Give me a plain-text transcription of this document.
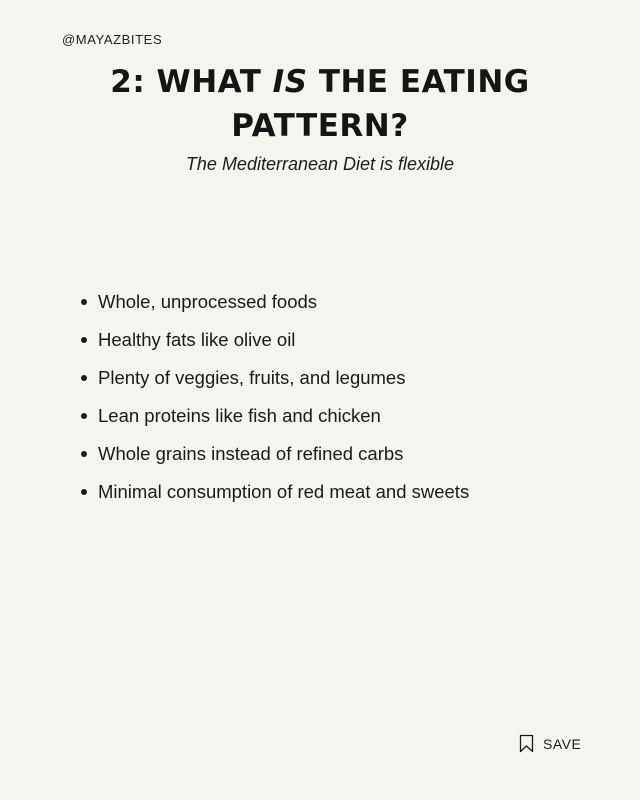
@MAYAZBITES
2: WHAT IS THE EATING PATTERN?

The Mediterranean Diet is flexible

Whole, unprocessed foods
Healthy fats like olive oil
Plenty of veggies, fruits, and legumes
Lean proteins like fish and chicken
Whole grains instead of refined carbs
Minimal consumption of red meat and sweets
SAVE
